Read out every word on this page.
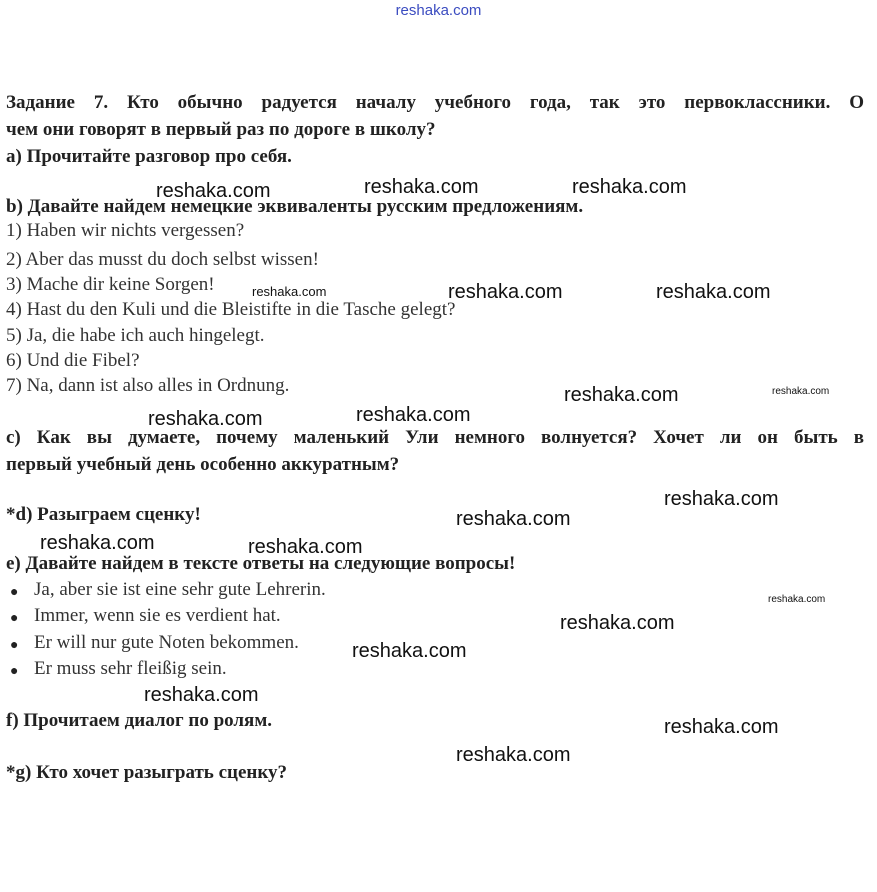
reshaka.com
Задание 7. Кто обычно радуется началу учебного года, так это первоклассники. О
чем они говорят в первый раз по дороге в школу?
a) Прочитайте разговор про себя.
b) Давайте найдем немецкие эквиваленты русским предложениям.
1) Haben wir nichts vergessen?
2) Aber das musst du doch selbst wissen!
3) Mache dir keine Sorgen!
4) Hast du den Kuli und die Bleistifte in die Tasche gelegt?
5) Ja, die habe ich auch hingelegt.
6) Und die Fibel?
7) Na, dann ist also alles in Ordnung.
c) Как вы думаете, почему маленький Ули немного волнуется? Хочет ли он быть в
первый учебный день особенно аккуратным?
*d) Разыграем сценку!
e) Давайте найдем в тексте ответы на следующие вопросы!
● Ja, aber sie ist eine sehr gute Lehrerin.
● Immer, wenn sie es verdient hat.
● Er will nur gute Noten bekommen.
● Er muss sehr fleißig sein.
f) Прочитаем диалог по ролям.
*g) Кто хочет разыграть сценку?
reshaka.com	reshaka.com	reshaka.com
reshaka.com	reshaka.com	reshaka.com
reshaka.com	reshaka.com
reshaka.com	reshaka.com
reshaka.com
reshaka.com
reshaka.com	reshaka.com
reshaka.com
reshaka.com
reshaka.com
reshaka.com
reshaka.com
reshaka.com
